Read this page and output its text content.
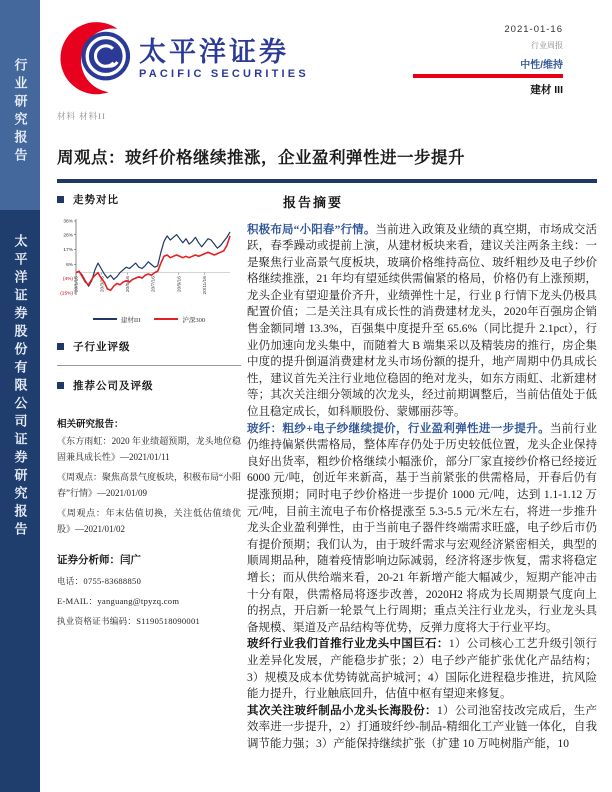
行业研究报告
太平洋证券股份有限公司证券研究报告
太平洋证券
PACIFIC SECURITIES
2021-01-16
行业周报
中性/维持
建材 III
材料 材料II
周观点：玻纤价格继续推涨，企业盈利弹性进一步提升
走势对比
38%
28%
17%
6%
(4%)
(15%)
20/1/16	20/3/16	20/5/16	20/7/16	20/9/16	20/11/16
建材III	沪深300
子行业评级
推荐公司及评级
相关研究报告：

《东方雨虹：2020 年业绩超预期，龙头地位稳固兼具成长性》—2021/01/11

《周观点：聚焦高景气度板块，积极布局“小阳春”行情》—2021/01/09

《周观点：年末估值切换，关注低估值绩优股》—2021/01/02

证券分析师：闫广
电话：0755-83688850
E-MAIL：yanguang@tpyzq.com
执业资格证书编码：S1190518090001
报告摘要

积极布局“小阳春”行情。当前进入政策及业绩的真空期，市场成交活跃，春季躁动或提前上演，从建材板块来看，建议关注两条主线：一是聚焦行业高景气度板块，玻璃价格维持高位、玻纤粗纱及电子纱价格继续推涨，21 年均有望延续供需偏紧的格局，价格仍有上涨预期，龙头企业有望迎量价齐升，业绩弹性十足，行业 β 行情下龙头仍极具配置价值；二是关注具有成长性的消费建材龙头，2020年百强房企销售金额同增 13.3%，百强集中度提升至 65.6%（同比提升 2.1pct），行业仍加速向龙头集中，而随着大 B 端集采以及精装房的推行，房企集中度的提升倒逼消费建材龙头市场份额的提升，地产周期中仍具成长性，建议首先关注行业地位稳固的绝对龙头，如东方雨虹、北新建材等；其次关注细分领域的次龙头，经过前期调整后，当前估值处于低位且稳定成长，如科顺股份、蒙娜丽莎等。

玻纤：粗纱+电子纱继续提价，行业盈利弹性进一步提升。当前行业仍维持偏紧供需格局，整体库存仍处于历史较低位置，龙头企业保持良好出货率，粗纱价格继续小幅涨价，部分厂家直接纱价格已经接近 6000 元/吨，创近年来新高，基于当前紧张的供需格局，开春后仍有提涨预期；同时电子纱价格进一步提价 1000 元/吨，达到 1.1-1.12 万元/吨，目前主流电子布价格提涨至 5.3-5.5 元/米左右，将进一步推升龙头企业盈利弹性，由于当前电子器件终端需求旺盛，电子纱后市仍有提价预期；我们认为，由于玻纤需求与宏观经济紧密相关，典型的顺周期品种，随着疫情影响边际减弱，经济将逐步恢复，需求将稳定增长；而从供给端来看，20-21 年新增产能大幅减少，短期产能冲击十分有限，供需格局将逐步改善，2020H2 将成为长周期景气度向上的拐点，开启新一轮景气上行周期；重点关注行业龙头，行业龙头具备规模、渠道及产品结构等优势，反弹力度将大于行业平均。

玻纤行业我们首推行业龙头中国巨石：1）公司核心工艺升级引领行业差异化发展，产能稳步扩张；2）电子纱产能扩张优化产品结构；3）规模及成本优势铸就高护城河；4）国际化进程稳步推进，抗风险能力提升，行业触底回升，估值中枢有望迎来修复。

其次关注玻纤制品小龙头长海股份：1）公司池窑技改完成后，生产效率进一步提升，2）打通玻纤纱-制品-精细化工产业链一体化，自我调节能力强；3）产能保持继续扩张（扩建 10 万吨树脂产能，10
